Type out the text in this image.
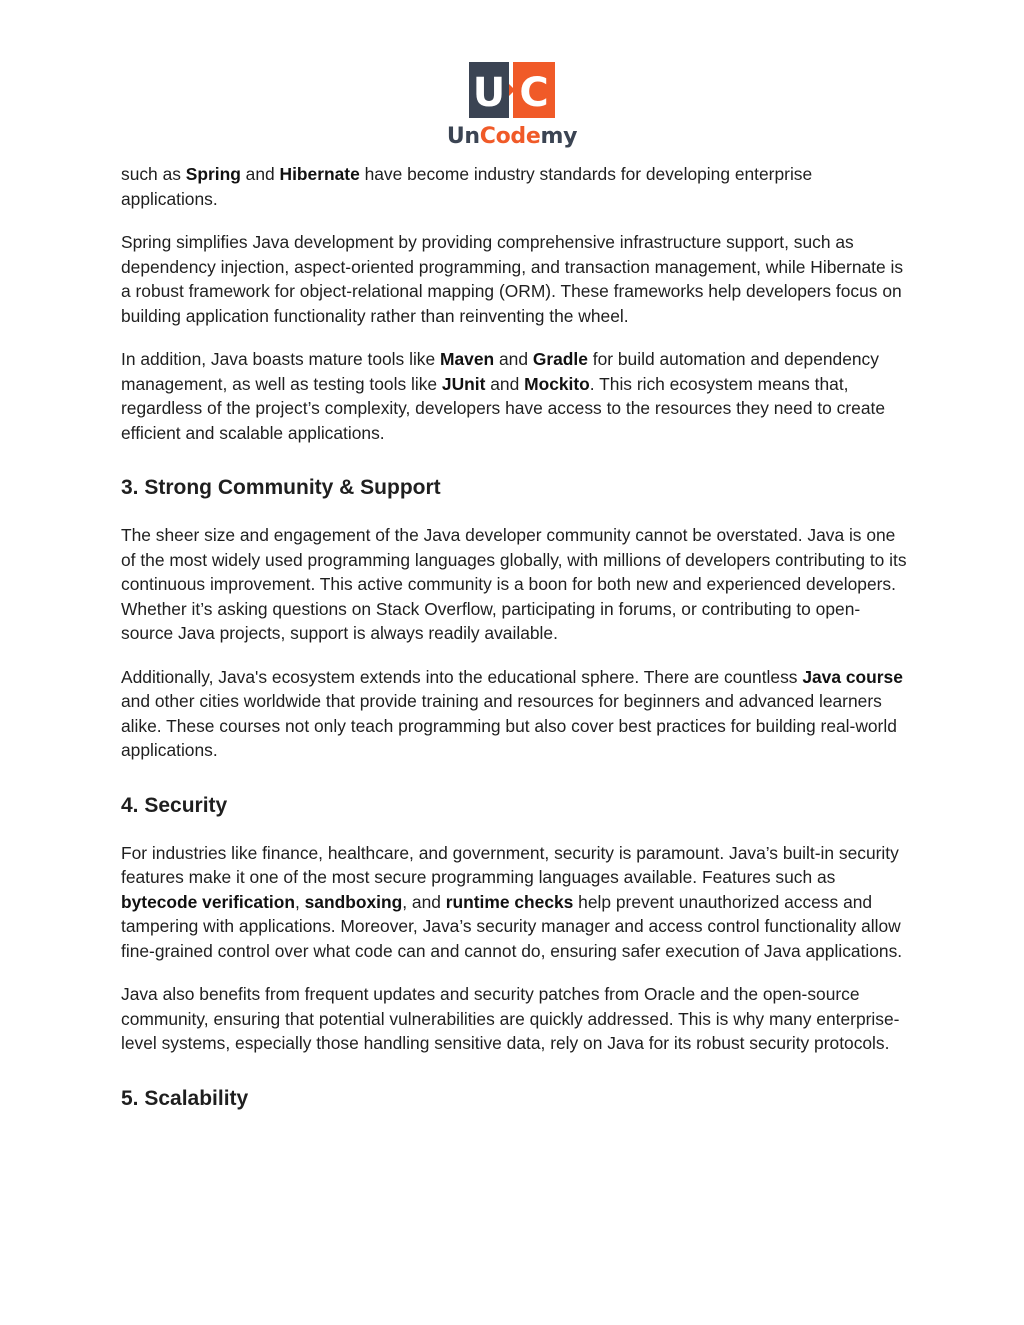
U C
UnCodemy

such as Spring and Hibernate have become industry standards for developing enterprise applications.

Spring simplifies Java development by providing comprehensive infrastructure support, such as dependency injection, aspect-oriented programming, and transaction management, while Hibernate is a robust framework for object-relational mapping (ORM). These frameworks help developers focus on building application functionality rather than reinventing the wheel.

In addition, Java boasts mature tools like Maven and Gradle for build automation and dependency management, as well as testing tools like JUnit and Mockito. This rich ecosystem means that, regardless of the project’s complexity, developers have access to the resources they need to create efficient and scalable applications.

3. Strong Community & Support

The sheer size and engagement of the Java developer community cannot be overstated. Java is one of the most widely used programming languages globally, with millions of developers contributing to its continuous improvement. This active community is a boon for both new and experienced developers. Whether it’s asking questions on Stack Overflow, participating in forums, or contributing to open-source Java projects, support is always readily available.

Additionally, Java's ecosystem extends into the educational sphere. There are countless Java course and other cities worldwide that provide training and resources for beginners and advanced learners alike. These courses not only teach programming but also cover best practices for building real-world applications.

4. Security

For industries like finance, healthcare, and government, security is paramount. Java’s built-in security features make it one of the most secure programming languages available. Features such as bytecode verification, sandboxing, and runtime checks help prevent unauthorized access and tampering with applications. Moreover, Java’s security manager and access control functionality allow fine-grained control over what code can and cannot do, ensuring safer execution of Java applications.

Java also benefits from frequent updates and security patches from Oracle and the open-source community, ensuring that potential vulnerabilities are quickly addressed. This is why many enterprise-level systems, especially those handling sensitive data, rely on Java for its robust security protocols.

5. Scalability
